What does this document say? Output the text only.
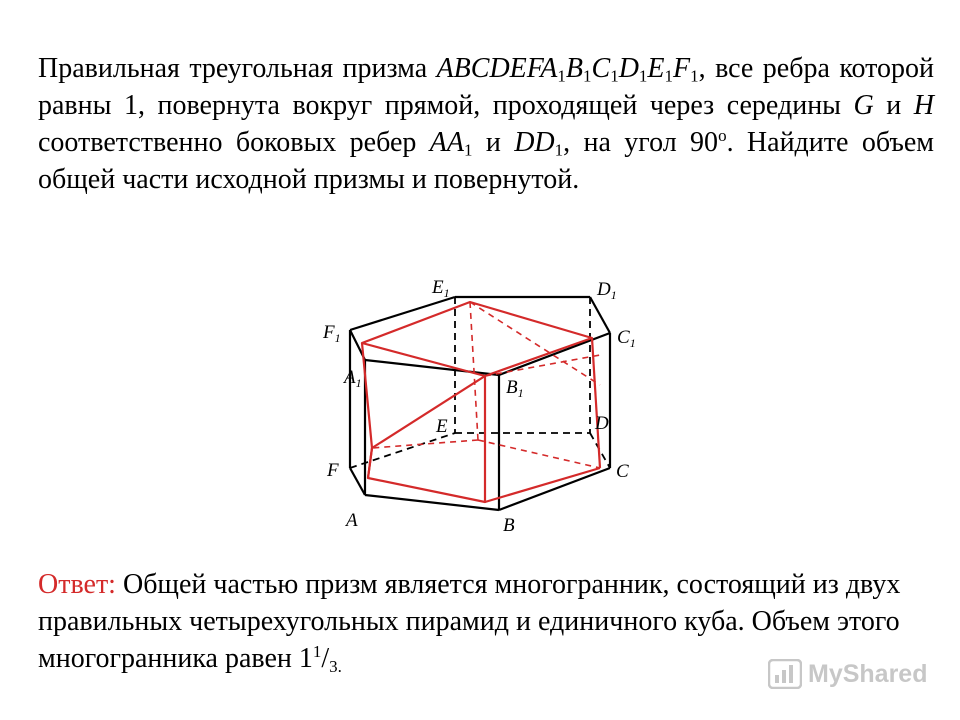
Правильная треугольная призма $ABCDEFA_1B_1C_1D_1E_1F_1$, все ребра которой равны 1, повернута вокруг прямой, проходящей через середины G и H соответственно боковых ребер $AA_1$ и $DD_1$, на угол 90$^o$. Найдите объем общей части исходной призмы и повернутой.
$E_1$	$D_1$
$F_1$	$C_1$
$A_1$	$B_1$
E	D
F	C
A	B
Ответ: Общей частью призм является многогранник, состоящий из двух правильных четырехугольных пирамид и единичного куба. Объем этого многогранника равен $1^1/_{3.}$	MyShared
